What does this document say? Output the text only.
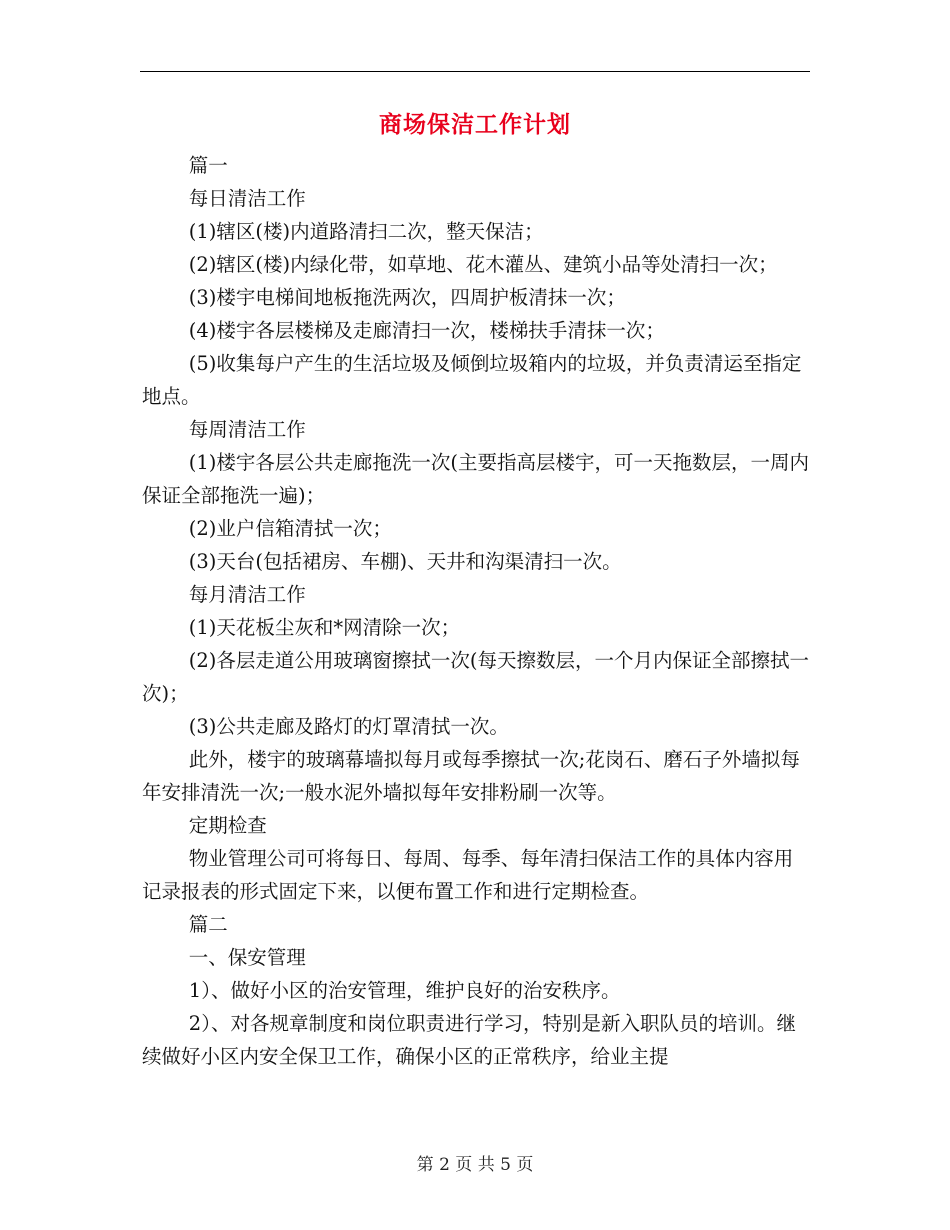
商场保洁工作计划

篇一

每日清洁工作

(1)辖区(楼)内道路清扫二次，整天保洁；

(2)辖区(楼)内绿化带，如草地、花木灌丛、建筑小品等处清扫一次；

(3)楼宇电梯间地板拖洗两次，四周护板清抹一次；

(4)楼宇各层楼梯及走廊清扫一次，楼梯扶手清抹一次；

(5)收集每户产生的生活垃圾及倾倒垃圾箱内的垃圾，并负责清运至指定地点。

每周清洁工作

(1)楼宇各层公共走廊拖洗一次(主要指高层楼宇，可一天拖数层，一周内保证全部拖洗一遍)；

(2)业户信箱清拭一次；

(3)天台(包括裙房、车棚)、天井和沟渠清扫一次。

每月清洁工作

(1)天花板尘灰和*网清除一次；

(2)各层走道公用玻璃窗擦拭一次(每天擦数层，一个月内保证全部擦拭一次)；

(3)公共走廊及路灯的灯罩清拭一次。

此外，楼宇的玻璃幕墙拟每月或每季擦拭一次;花岗石、磨石子外墙拟每年安排清洗一次;一般水泥外墙拟每年安排粉刷一次等。

定期检查

物业管理公司可将每日、每周、每季、每年清扫保洁工作的具体内容用记录报表的形式固定下来，以便布置工作和进行定期检查。

篇二

一、保安管理

1）、做好小区的治安管理，维护良好的治安秩序。

2）、对各规章制度和岗位职责进行学习，特别是新入职队员的培训。继续做好小区内安全保卫工作，确保小区的正常秩序，给业主提

第 2 页 共 5 页
